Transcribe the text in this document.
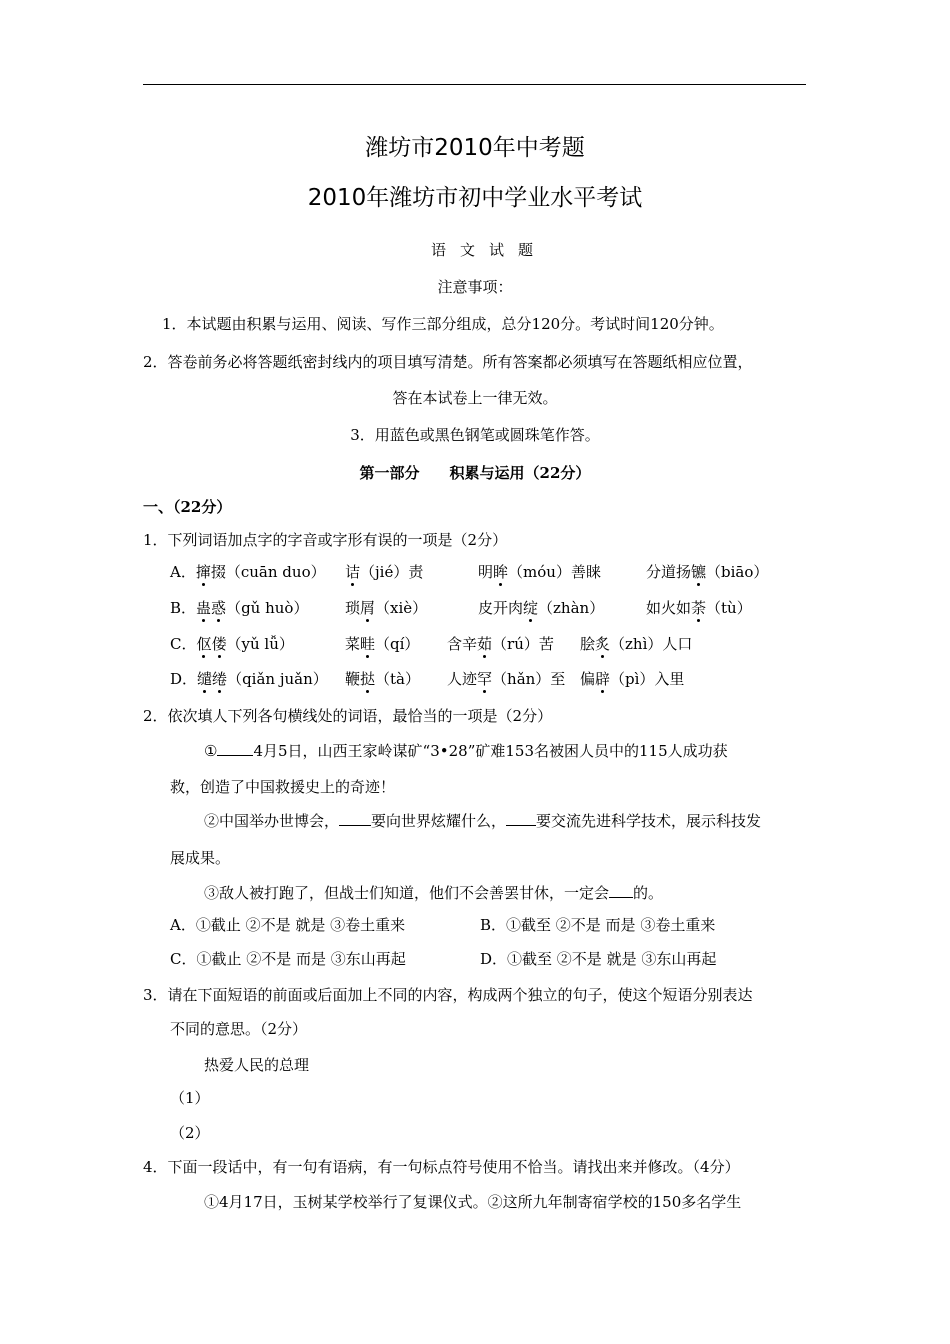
潍坊市2010年中考题
2010年潍坊市初中学业水平考试
语文试题
注意事项：
1．本试题由积累与运用、阅读、写作三部分组成，总分120分。考试时间120分钟。
2．答卷前务必将答题纸密封线内的项目填写清楚。所有答案都必须填写在答题纸相应位置，
答在本试卷上一律无效。
3．用蓝色或黑色钢笔或圆珠笔作答。
第一部分　　积累与运用（22分）
一、（22分）
1．下列词语加点字的字音或字形有误的一项是（2分）
A．撺掇（cuān duo） 诘（jié）责	明眸（móu）善睐	分道扬镳（biāo）
B．蛊惑（gǔ huò） 琐屑（xiè）	皮开肉绽（zhàn）	如火如荼（tù）
C．伛偻（yǔ lǚ）	菜畦（qí） 含辛茹（rú）苦 脍炙（zhì）人口
D．缱绻（qiǎn juǎn） 鞭挞（tà） 人迹罕（hǎn）至 偏辟（pì）入里
2．依次填人下列各句横线处的词语，最恰当的一项是（2分）
① 4月5日，山西王家岭谋矿“3•28”矿难153名被困人员中的115人成功获
救，创造了中国救援史上的奇迹！
②中国举办世博会， 要向世界炫耀什么， 要交流先进科学技术，展示科技发
展成果。
③敌人被打跑了，但战士们知道，他们不会善罢甘休，一定会 的。
A．①截止 ②不是 就是 ③卷土重来	B．①截至 ②不是 而是 ③卷土重来
C．①截止 ②不是 而是 ③东山再起	D．①截至 ②不是 就是 ③东山再起
3．请在下面短语的前面或后面加上不同的内容，构成两个独立的句子，使这个短语分别表达
不同的意思。（2分）
热爱人民的总理
（1）
（2）
4．下面一段话中，有一句有语病，有一句标点符号使用不恰当。请找出来并修改。（4分）
①4月17日，玉树某学校举行了复课仪式。②这所九年制寄宿学校的150多名学生
